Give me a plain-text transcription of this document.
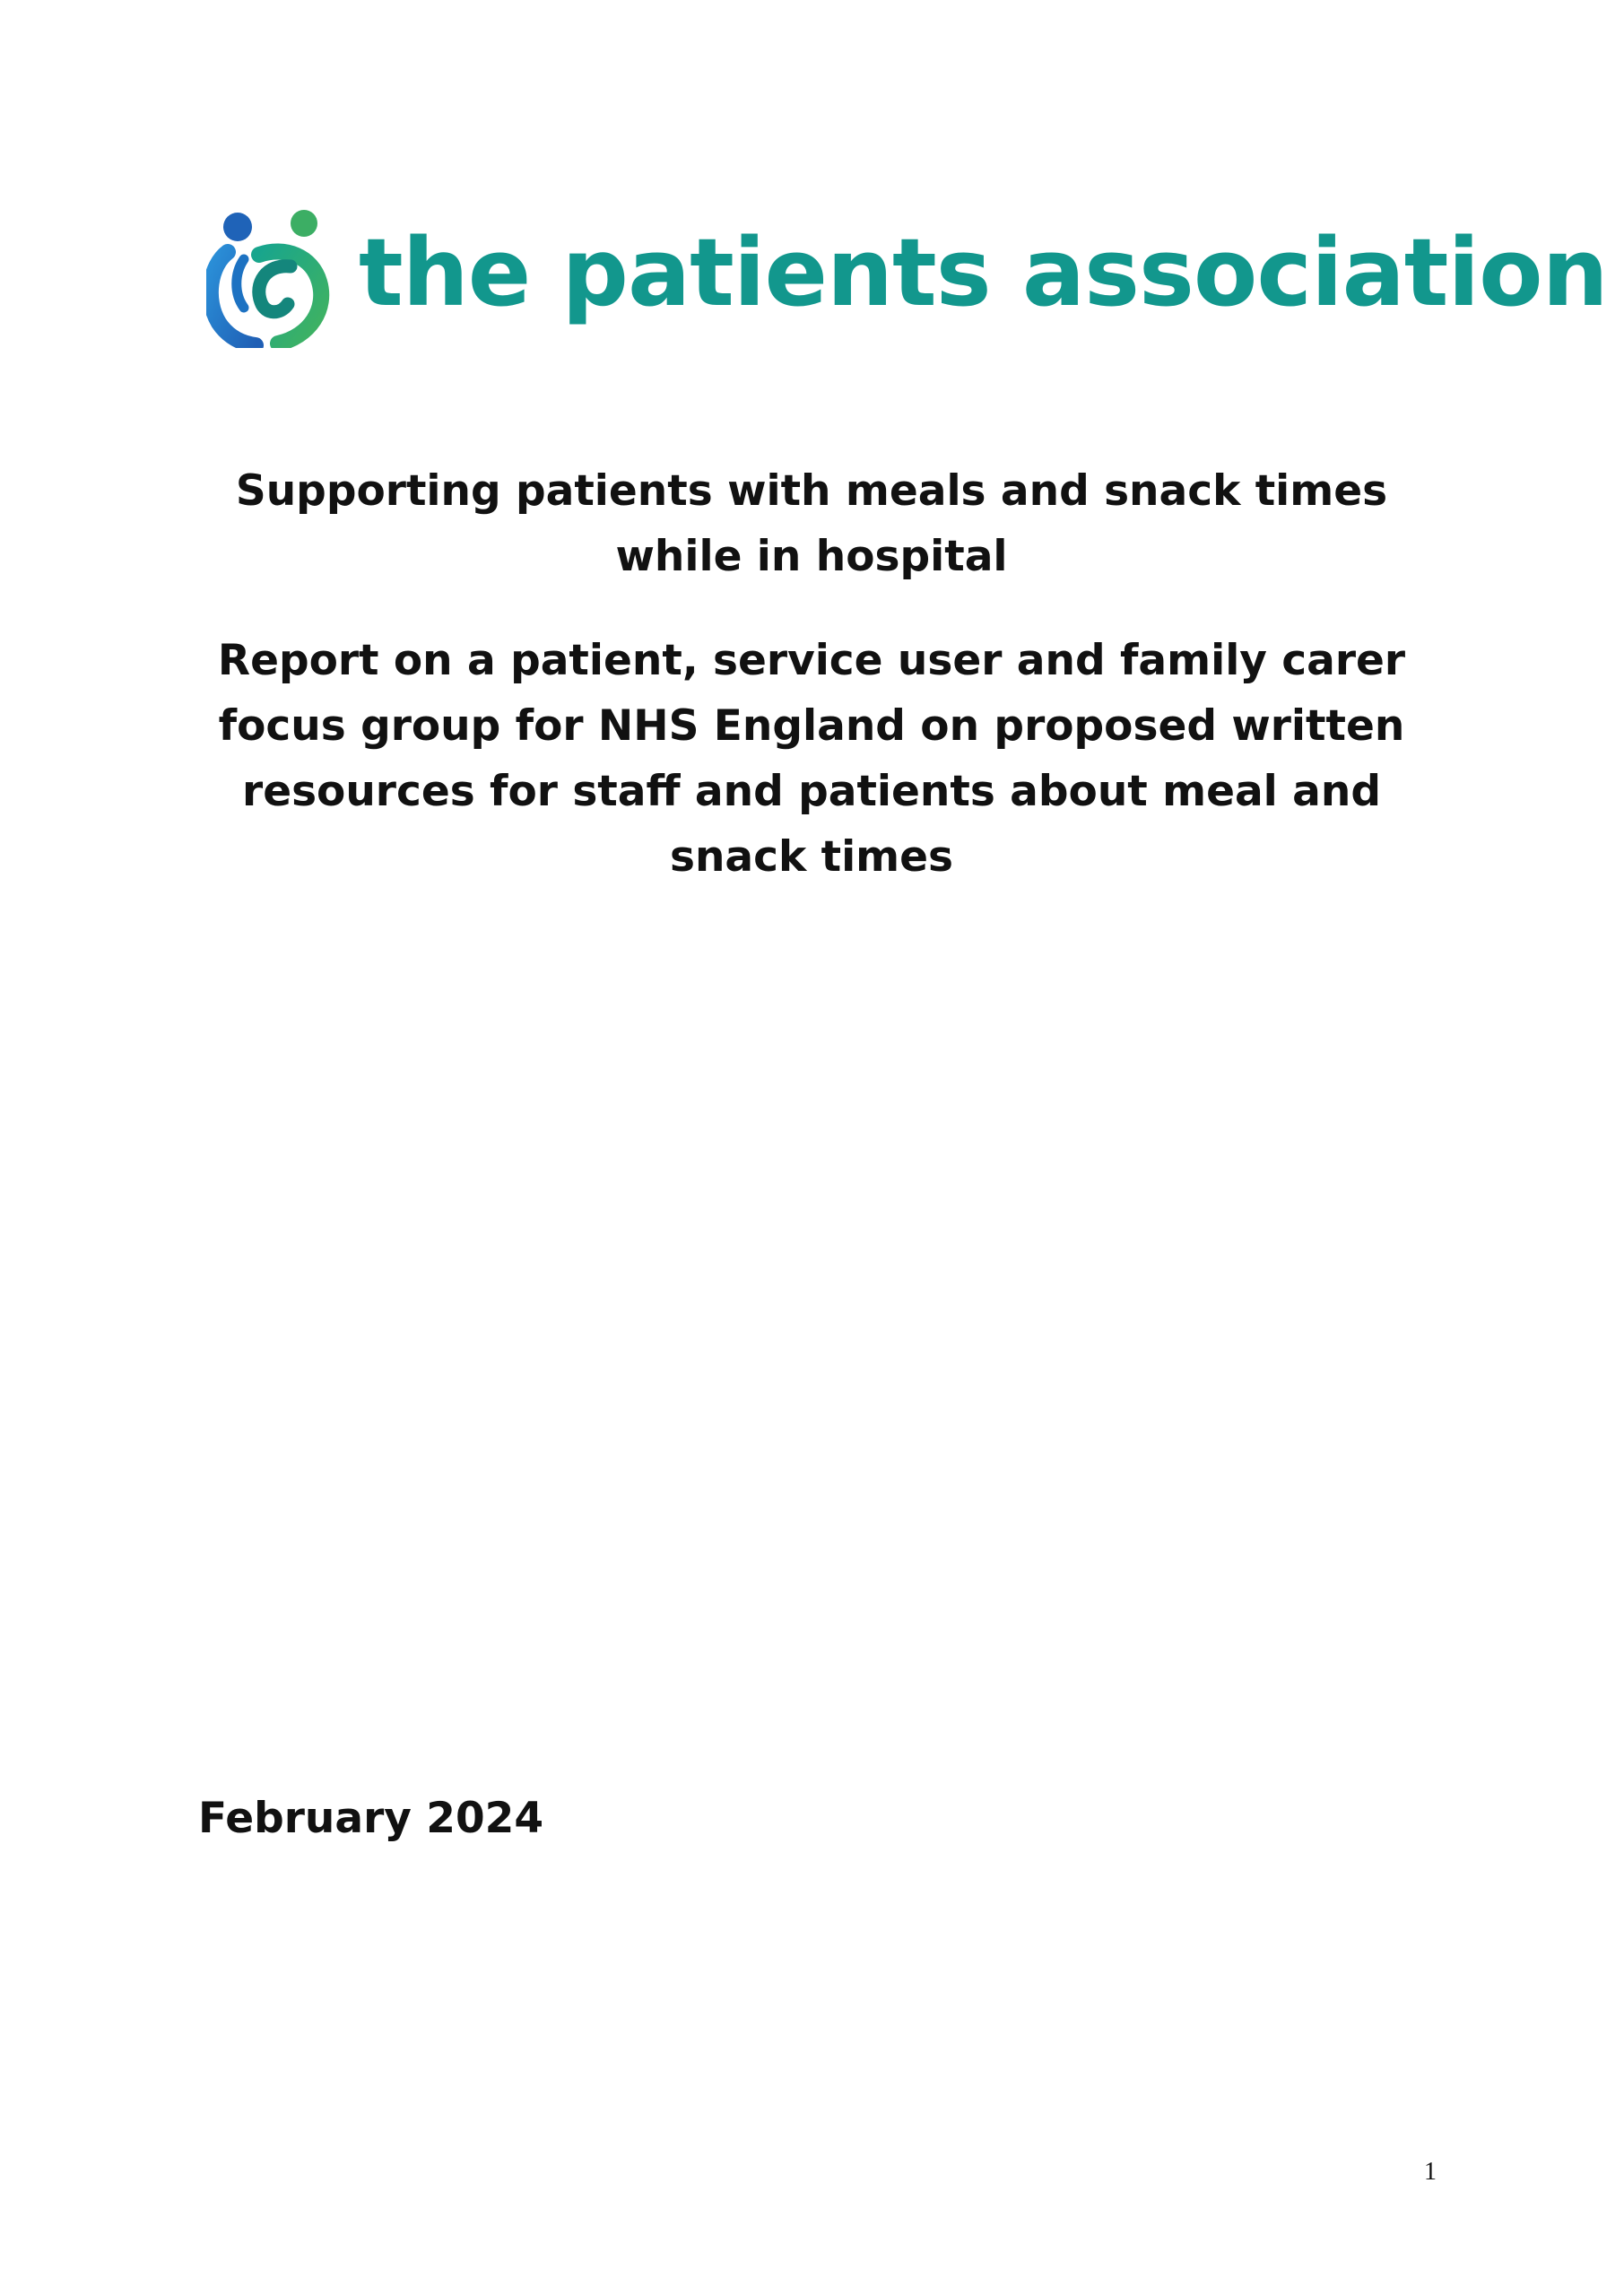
the patients association
Supporting patients with meals and snack times while in hospital
Report on a patient, service user and family carer focus group for NHS England on proposed written resources for staff and patients about meal and snack times
February 2024
1
